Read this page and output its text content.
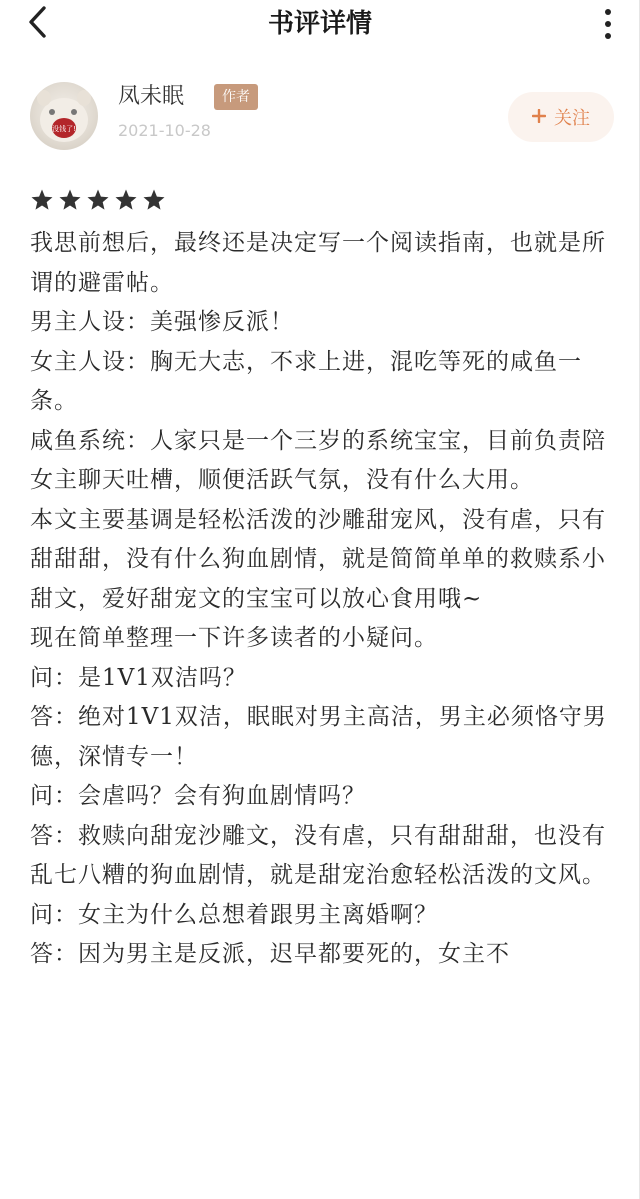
书评详情
没钱了!
凤未眠	作者
2021-10-28
关注

我思前想后，最终还是决定写一个阅读指南，也就是所谓的避雷帖。

男主人设：美强惨反派！

女主人设：胸无大志，不求上进，混吃等死的咸鱼一条。

咸鱼系统：人家只是一个三岁的系统宝宝，目前负责陪女主聊天吐槽，顺便活跃气氛，没有什么大用。

本文主要基调是轻松活泼的沙雕甜宠风，没有虐，只有甜甜甜，没有什么狗血剧情，就是简简单单的救赎系小甜文，爱好甜宠文的宝宝可以放心食用哦~

现在简单整理一下许多读者的小疑问。

问：是1V1双洁吗？

答：绝对1V1双洁，眠眠对男主高洁，男主必须恪守男德，深情专一！

问：会虐吗？会有狗血剧情吗？

答：救赎向甜宠沙雕文，没有虐，只有甜甜甜，也没有乱七八糟的狗血剧情，就是甜宠治愈轻松活泼的文风。

问：女主为什么总想着跟男主离婚啊？

答：因为男主是反派，迟早都要死的，女主不
